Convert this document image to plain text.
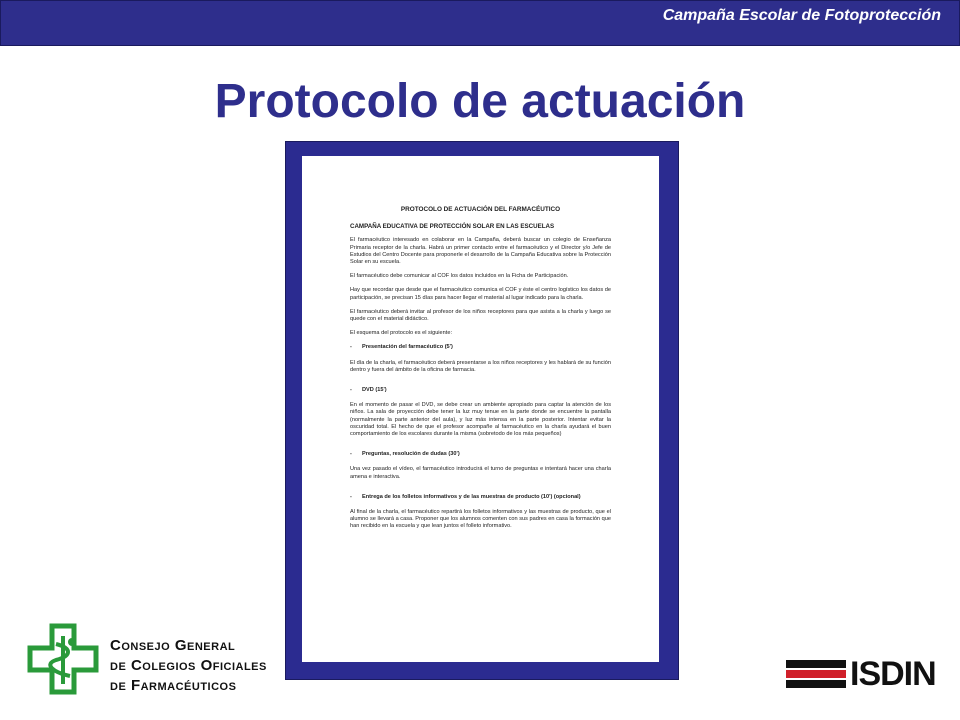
Campaña Escolar de Fotoprotección
Protocolo de actuación
PROTOCOLO DE ACTUACIÓN DEL FARMACÉUTICO
CAMPAÑA EDUCATIVA DE PROTECCIÓN SOLAR EN LAS ESCUELAS

El farmacéutico interesado en colaborar en la Campaña, deberá buscar un colegio de Enseñanza Primaria receptor de la charla. Habrá un primer contacto entre el farmacéutico y el Director y/o Jefe de Estudios del Centro Docente para proponerle el desarrollo de la Campaña Educativa sobre la Protección Solar en su escuela.

El farmacéutico debe comunicar al COF los datos incluidos en la Ficha de Participación.

Hay que recordar que desde que el farmacéutico comunica el COF y éste el centro logístico los datos de participación, se precisan 15 días para hacer llegar el material al lugar indicado para la charla.

El farmacéutico deberá invitar al profesor de los niños receptores para que asista a la charla y luego se quede con el material didáctico.

El esquema del protocolo es el siguiente:

- Presentación del farmacéutico (5')

El día de la charla, el farmacéutico deberá presentarse a los niños receptores y les hablará de su función dentro y fuera del ámbito de la oficina de farmacia.

- DVD (15')

En el momento de pasar el DVD, se debe crear un ambiente apropiado para captar la atención de los niños. La sala de proyección debe tener la luz muy tenue en la parte donde se encuentre la pantalla (normalmente la parte anterior del aula), y luz más intensa en la parte posterior. Intentar evitar la oscuridad total. El hecho de que el profesor acompañe al farmacéutico en la charla ayudará el buen comportamiento de los escolares durante la misma (sobretodo de los más pequeños)

- Preguntas, resolución de dudas (30')

Una vez pasado el vídeo, el farmacéutico introducirá el turno de preguntas e intentará hacer una charla amena e interactiva.

- Entrega de los folletos informativos y de las muestras de producto (10') (opcional)

Al final de la charla, el farmacéutico repartirá los folletos informativos y las muestras de producto, que el alumno se llevará a casa. Proponer que los alumnos comenten con sus padres en casa la formación que han recibido en la escuela y que lean juntos el folleto informativo.

Consejo General
de Colegios Oficiales
de Farmacéuticos	ISDIN
